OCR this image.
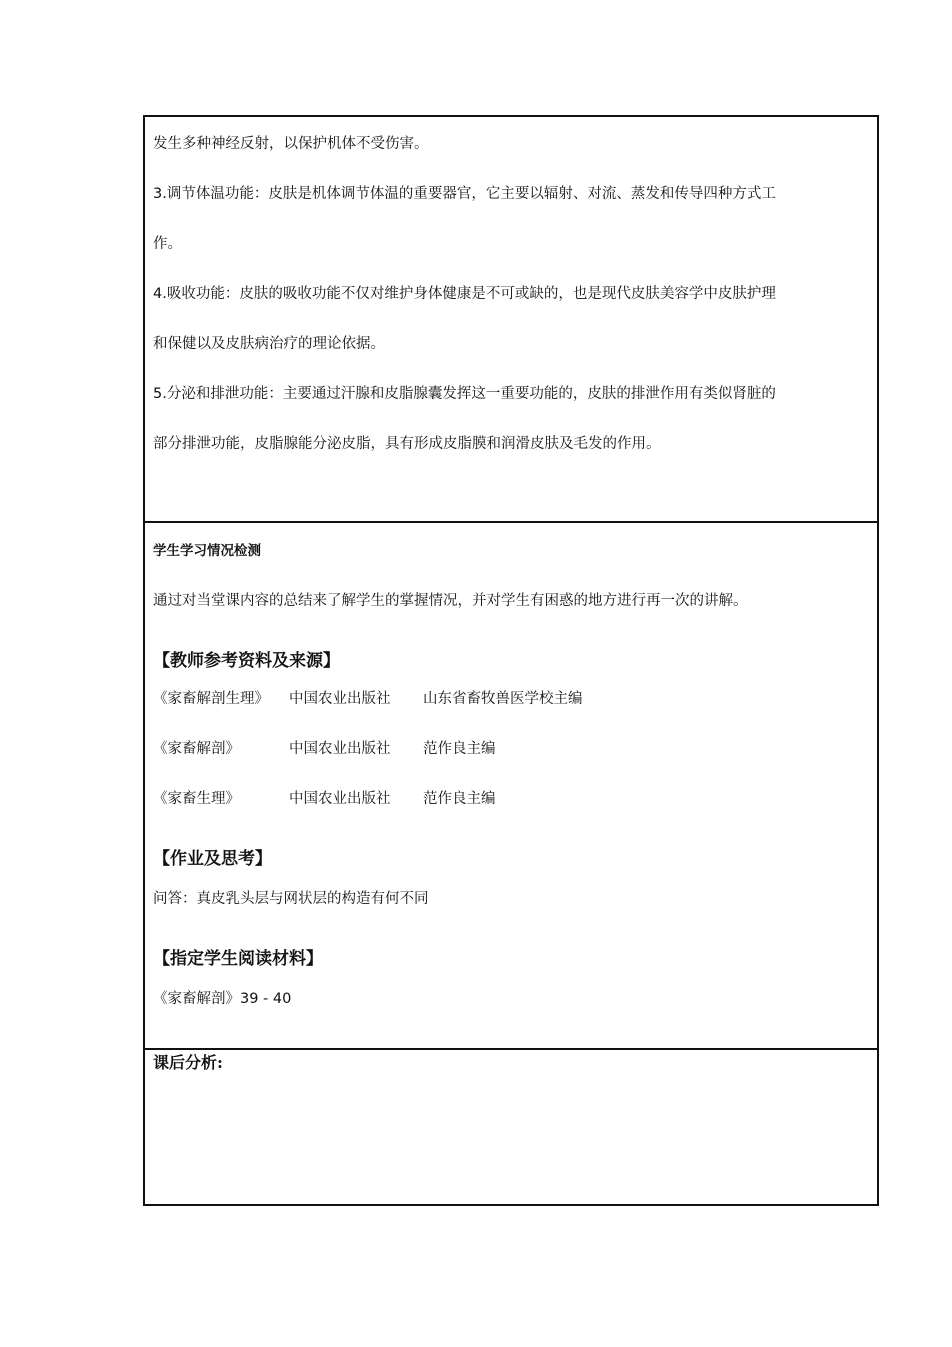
发生多种神经反射，以保护机体不受伤害。
3.调节体温功能：皮肤是机体调节体温的重要器官，它主要以辐射、对流、蒸发和传导四种方式工
作。
4.吸收功能：皮肤的吸收功能不仅对维护身体健康是不可或缺的，也是现代皮肤美容学中皮肤护理
和保健以及皮肤病治疗的理论依据。
5.分泌和排泄功能：主要通过汗腺和皮脂腺囊发挥这一重要功能的，皮肤的排泄作用有类似肾脏的
部分排泄功能，皮脂腺能分泌皮脂，具有形成皮脂膜和润滑皮肤及毛发的作用。
学生学习情况检测
通过对当堂课内容的总结来了解学生的掌握情况，并对学生有困惑的地方进行再一次的讲解。
【教师参考资料及来源】
《家畜解剖生理》 中国农业出版社 山东省畜牧兽医学校主编
《家畜解剖》	中国农业出版社 范作良主编
《家畜生理》	中国农业出版社 范作良主编
【作业及思考】
问答：真皮乳头层与网状层的构造有何不同
【指定学生阅读材料】
《家畜解剖》39 - 40
课后分析:
